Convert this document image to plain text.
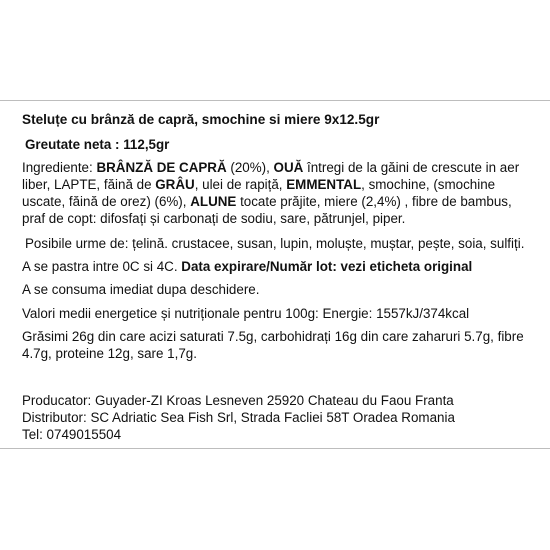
Steluțe cu brânză de capră, smochine si miere 9x12.5gr

Greutate neta : 112,5gr

Ingrediente: BRÂNZĂ DE CAPRĂ (20%), OUĂ întregi de la găini de crescute in aer liber, LAPTE, făină de GRÂU, ulei de rapiță, EMMENTAL, smochine, (smochine uscate, făină de orez) (6%), ALUNE tocate prăjite, miere (2,4%) , fibre de bambus, praf de copt: difosfați și carbonați de sodiu, sare, pătrunjel, piper.

Posibile urme de: țelină. crustacee, susan, lupin, moluște, muștar, pește, soia, sulfiți.

A se pastra intre 0C si 4C. Data expirare/Număr lot: vezi eticheta original

A se consuma imediat dupa deschidere.

Valori medii energetice și nutriționale pentru 100g: Energie: 1557kJ/374kcal

Grăsimi 26g din care acizi saturati 7.5g, carbohidrați 16g din care zaharuri 5.7g, fibre 4.7g, proteine 12g, sare 1,7g.

Producator: Guyader-ZI Kroas Lesneven 25920 Chateau du Faou Franta

Distributor: SC Adriatic Sea Fish Srl, Strada Facliei 58T Oradea Romania

Tel: 0749015504
